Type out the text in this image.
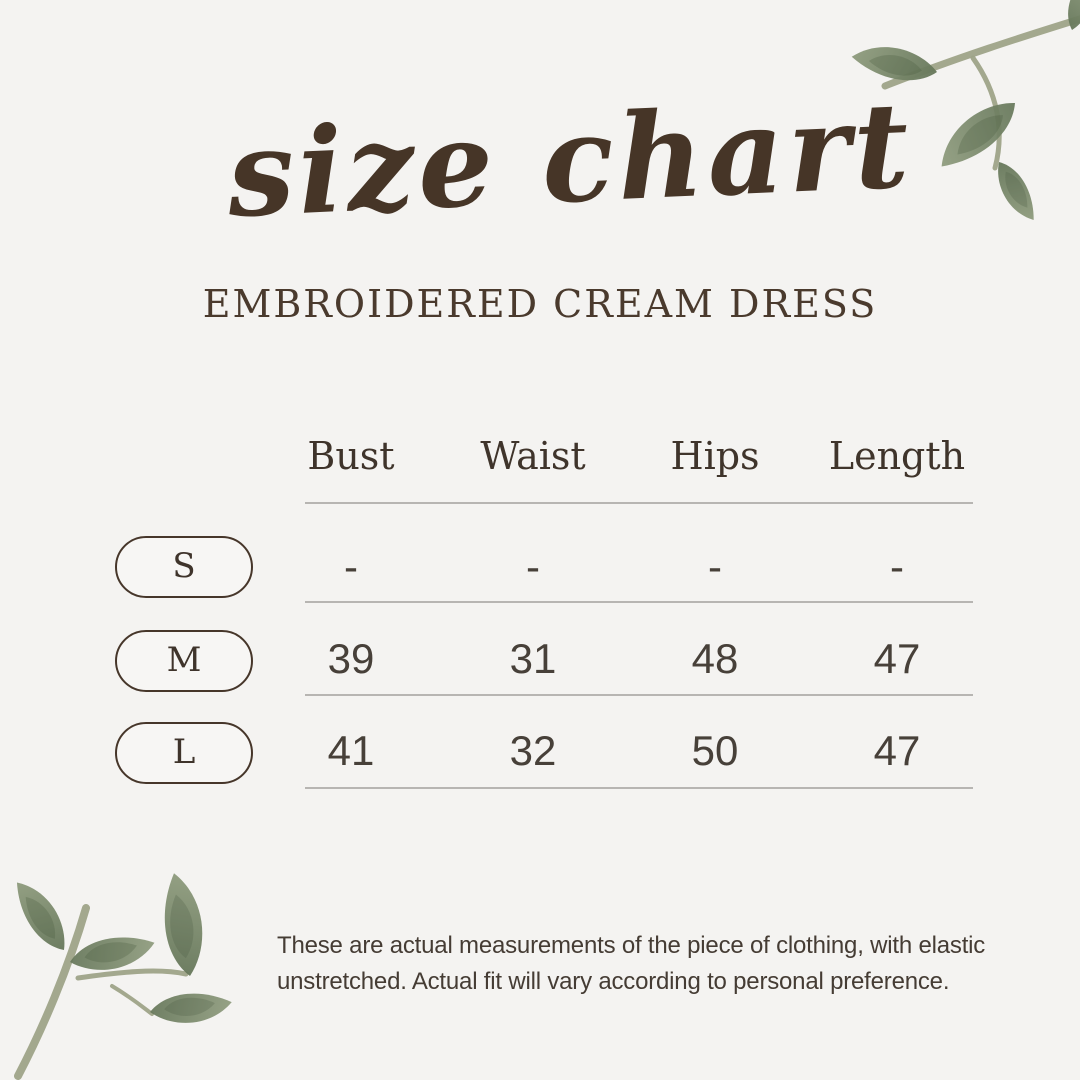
size chart
EMBROIDERED CREAM DRESS
Bust	Waist	Hips	Length
S	-	-	-	-
M	39	31	48	47
L	41	32	50	47
These are actual measurements of the piece of clothing, with elastic
unstretched. Actual fit will vary according to personal preference.
